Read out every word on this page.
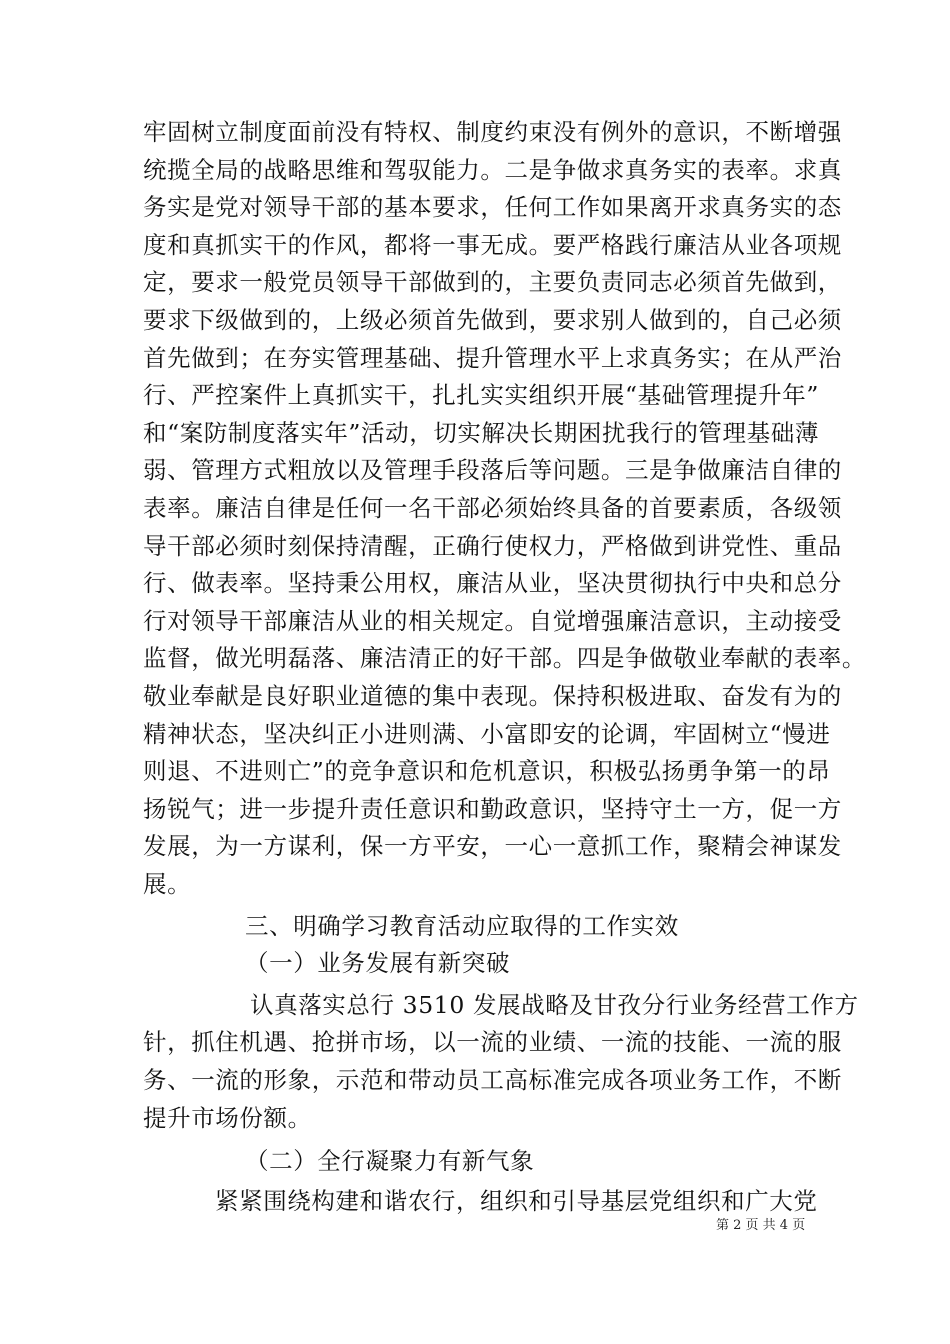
牢固树立制度面前没有特权、制度约束没有例外的意识，不断增强
统揽全局的战略思维和驾驭能力。二是争做求真务实的表率。求真
务实是党对领导干部的基本要求，任何工作如果离开求真务实的态
度和真抓实干的作风，都将一事无成。要严格践行廉洁从业各项规
定，要求一般党员领导干部做到的，主要负责同志必须首先做到，
要求下级做到的，上级必须首先做到，要求别人做到的，自己必须
首先做到；在夯实管理基础、提升管理水平上求真务实；在从严治
行、严控案件上真抓实干，扎扎实实组织开展“基础管理提升年”
和“案防制度落实年”活动，切实解决长期困扰我行的管理基础薄
弱、管理方式粗放以及管理手段落后等问题。三是争做廉洁自律的
表率。廉洁自律是任何一名干部必须始终具备的首要素质，各级领
导干部必须时刻保持清醒，正确行使权力，严格做到讲党性、重品
行、做表率。坚持秉公用权，廉洁从业，坚决贯彻执行中央和总分
行对领导干部廉洁从业的相关规定。自觉增强廉洁意识，主动接受
监督，做光明磊落、廉洁清正的好干部。四是争做敬业奉献的表率。
敬业奉献是良好职业道德的集中表现。保持积极进取、奋发有为的
精神状态，坚决纠正小进则满、小富即安的论调，牢固树立“慢进
则退、不进则亡”的竞争意识和危机意识，积极弘扬勇争第一的昂
扬锐气；进一步提升责任意识和勤政意识，坚持守土一方，促一方
发展，为一方谋利，保一方平安，一心一意抓工作，聚精会神谋发
展。
三、明确学习教育活动应取得的工作实效
（一）业务发展有新突破
认真落实总行 3510 发展战略及甘孜分行业务经营工作方
针，抓住机遇、抢拼市场，以一流的业绩、一流的技能、一流的服
务、一流的形象，示范和带动员工高标准完成各项业务工作，不断
提升市场份额。
第 2 页 共 4 页
（二）全行凝聚力有新气象
紧紧围绕构建和谐农行，组织和引导基层党组织和广大党
